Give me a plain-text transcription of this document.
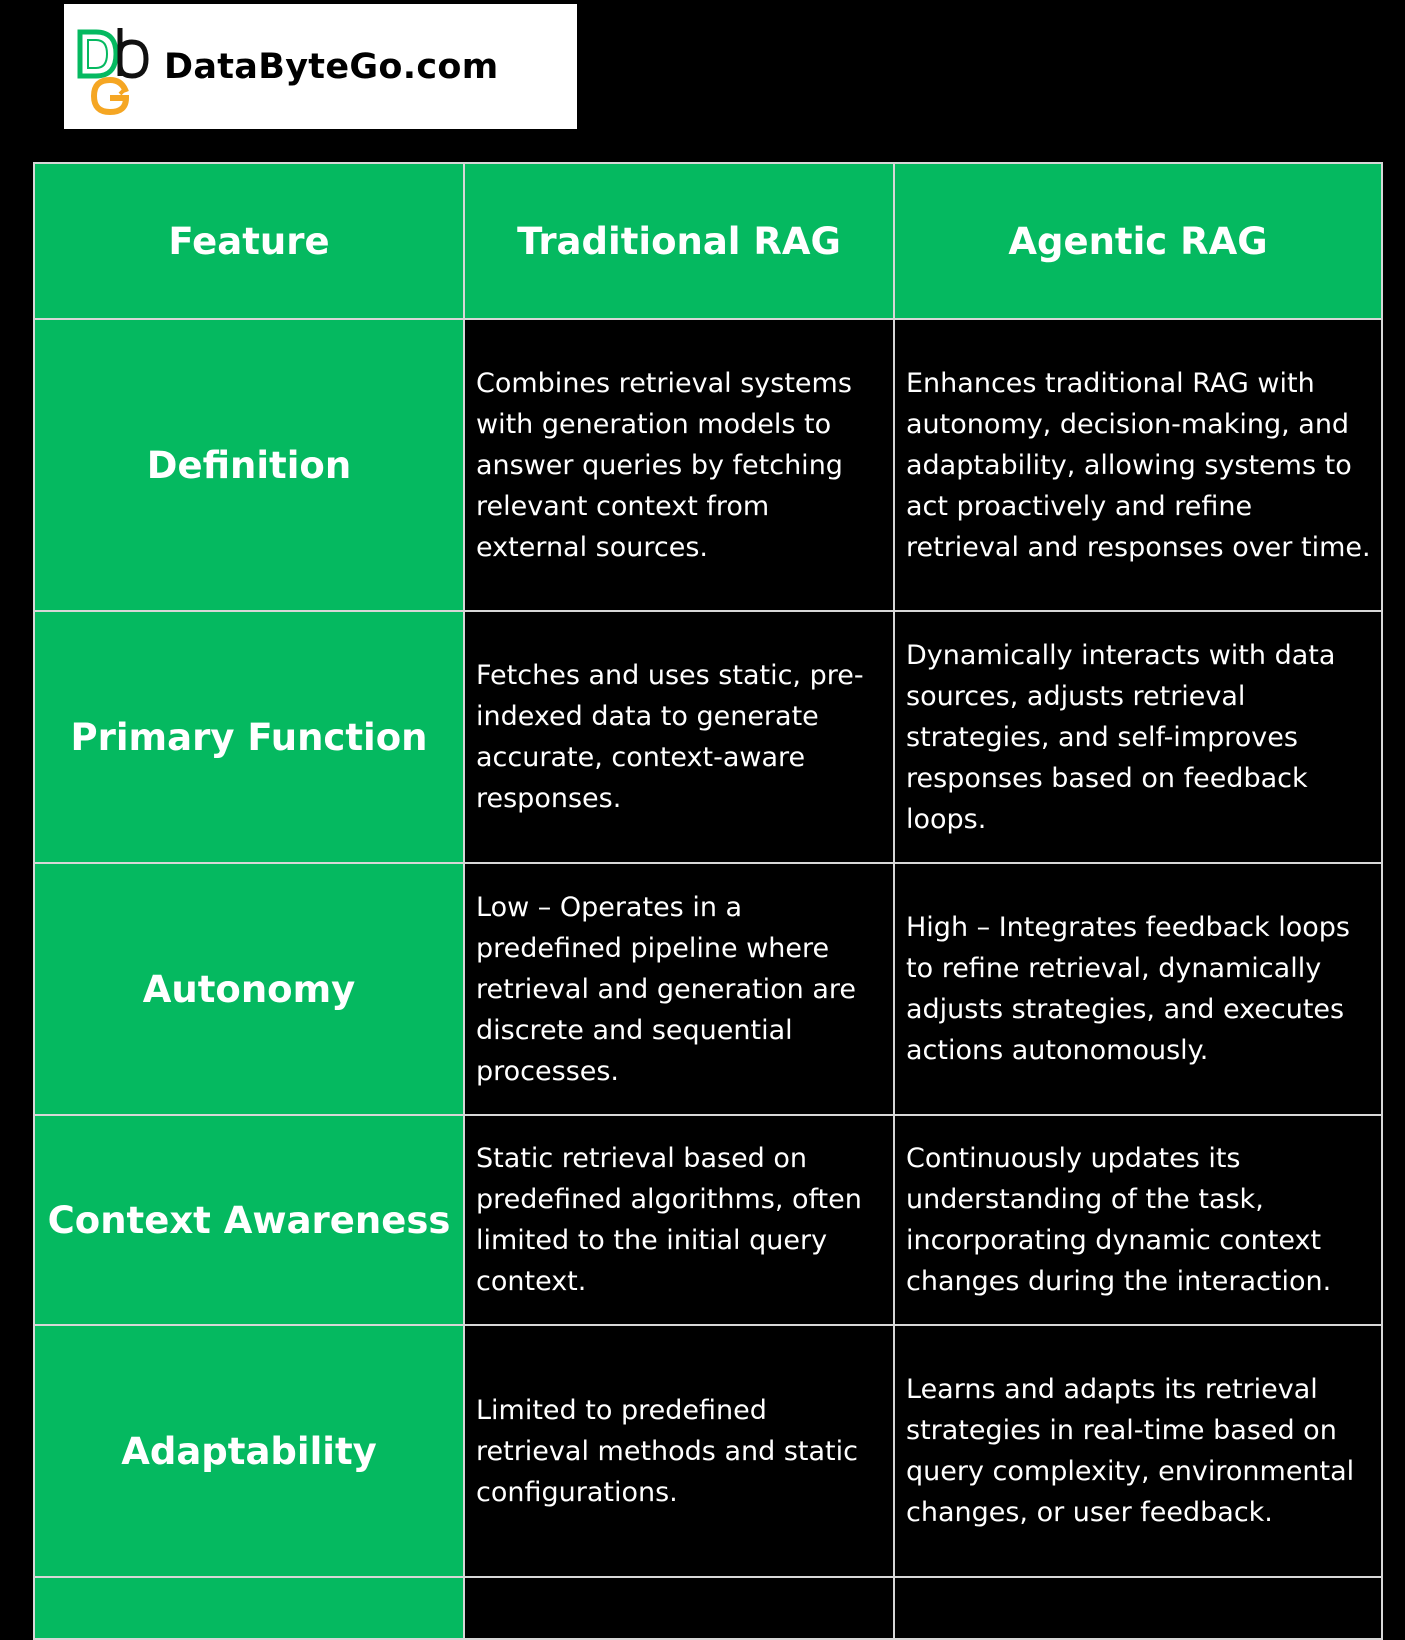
DataByteGo.com
Feature	Traditional RAG	Agentic RAG
Definition	Combines retrieval systems with generation models to answer queries by fetching relevant context from external sources.	Enhances traditional RAG with autonomy, decision-making, and adaptability, allowing systems to act proactively and refine retrieval and responses over time.
Primary Function	Fetches and uses static, pre-indexed data to generate accurate, context-aware responses.	Dynamically interacts with data sources, adjusts retrieval strategies, and self-improves responses based on feedback loops.
Autonomy	Low – Operates in a predefined pipeline where retrieval and generation are discrete and sequential processes.	High – Integrates feedback loops to refine retrieval, dynamically adjusts strategies, and executes actions autonomously.
Context Awareness	Static retrieval based on predefined algorithms, often limited to the initial query context.	Continuously updates its understanding of the task, incorporating dynamic context changes during the interaction.
Adaptability	Limited to predefined retrieval methods and static configurations.	Learns and adapts its retrieval strategies in real-time based on query complexity, environmental changes, or user feedback.
